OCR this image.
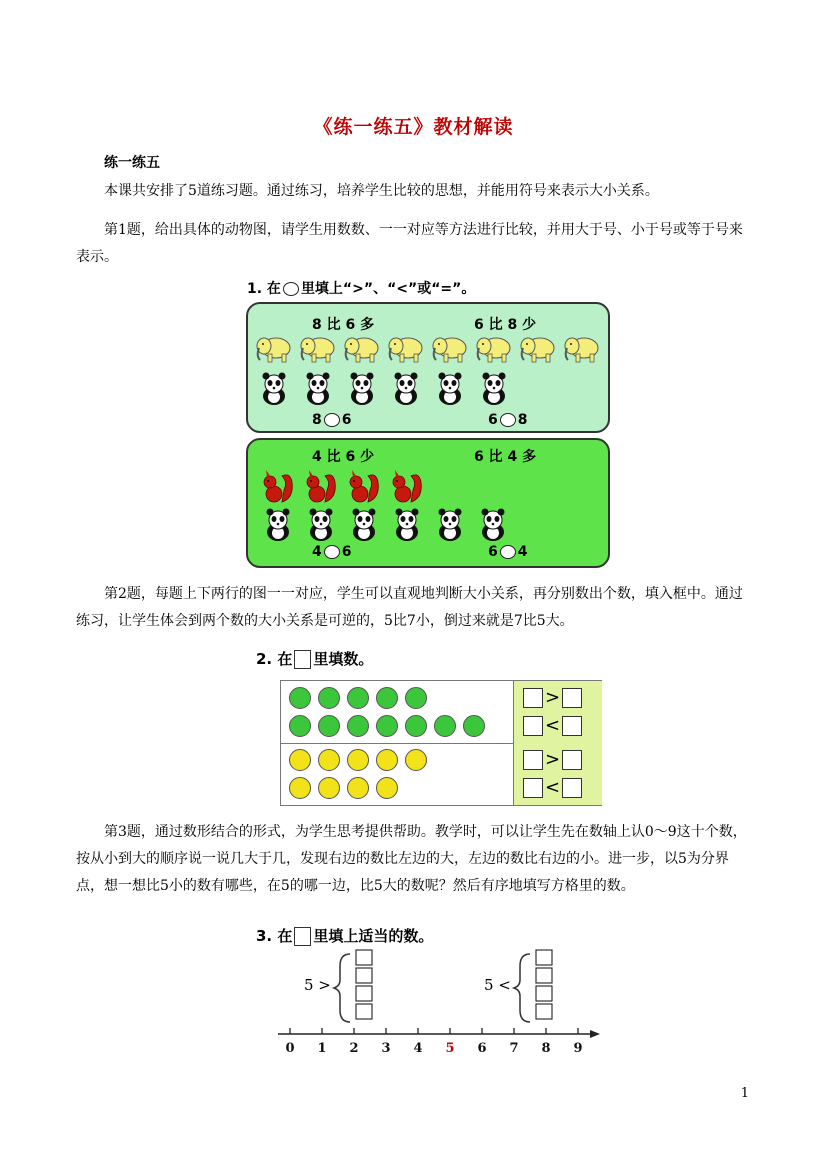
《练一练五》教材解读
练一练五
本课共安排了5道练习题。通过练习，培养学生比较的思想，并能用符号来表示大小关系。
第1题，给出具体的动物图，请学生用数数、一一对应等方法进行比较，并用大于号、小于号或等于号来表示。
1. 在 里填上“>”、“<”或“=”。
8 比 6 多	6 比 8 少
8 6	6 8
4 比 6 少	6 比 4 多
4 6	6 4
第2题，每题上下两行的图一一对应，学生可以直观地判断大小关系，再分别数出个数，填入框中。通过练习，让学生体会到两个数的大小关系是可逆的，5比7小，倒过来就是7比5大。
2. 在 里填数。
>
<
>
<
第3题，通过数形结合的形式，为学生思考提供帮助。教学时，可以让学生先在数轴上认0～9这十个数，按从小到大的顺序说一说几大于几，发现右边的数比左边的大，左边的数比右边的小。进一步，以5为分界点，想一想比5小的数有哪些，在5的哪一边，比5大的数呢？然后有序地填写方格里的数。
3. 在 里填上适当的数。
5 >	5 <
0 1 2 3 4 5 6 7 8 9
1
